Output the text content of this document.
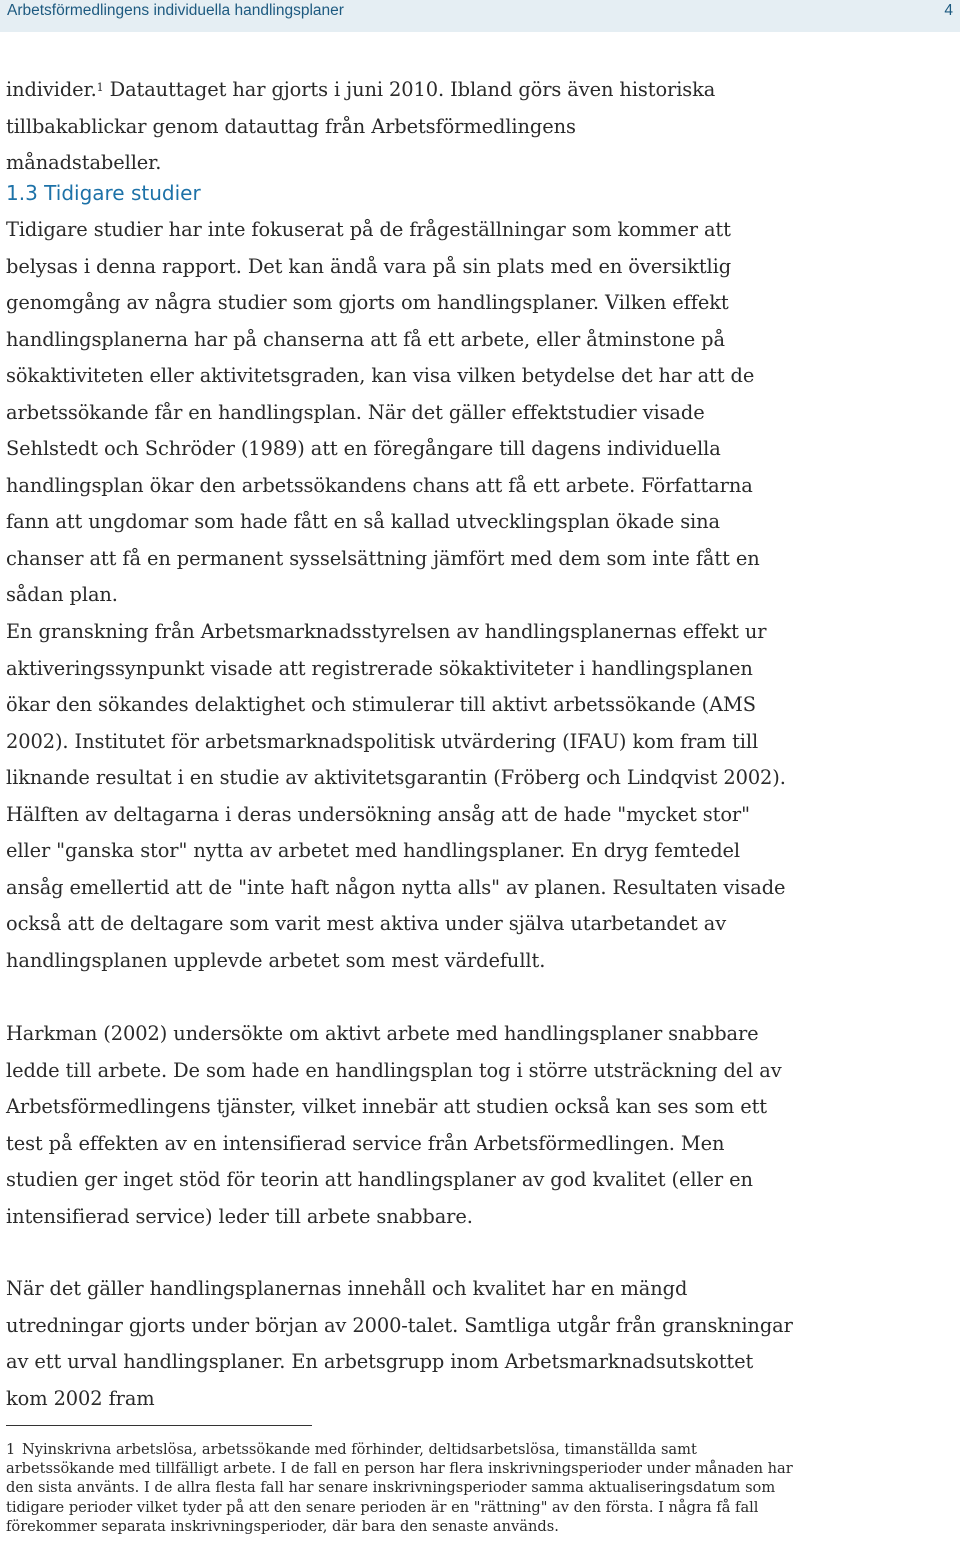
Arbetsförmedlingens individuella handlingsplaner	4

individer.$^1$ Datauttaget har gjorts i juni 2010. Ibland görs även historiska tillbakablickar genom datauttag från Arbetsförmedlingens månadstabeller.

1.3 Tidigare studier

Tidigare studier har inte fokuserat på de frågeställningar som kommer att belysas i denna rapport. Det kan ändå vara på sin plats med en översiktlig genomgång av några studier som gjorts om handlingsplaner. Vilken effekt handlingsplanerna har på chanserna att få ett arbete, eller åtminstone på sökaktiviteten eller aktivitetsgraden, kan visa vilken betydelse det har att de arbetssökande får en handlingsplan. När det gäller effektstudier visade Sehlstedt och Schröder (1989) att en föregångare till dagens individuella handlingsplan ökar den arbetssökandens chans att få ett arbete. Författarna fann att ungdomar som hade fått en så kallad utvecklingsplan ökade sina chanser att få en permanent sysselsättning jämfört med dem som inte fått en sådan plan.

En granskning från Arbetsmarknadsstyrelsen av handlingsplanernas effekt ur aktiveringssynpunkt visade att registrerade sökaktiviteter i handlingsplanen ökar den sökandes delaktighet och stimulerar till aktivt arbetssökande (AMS 2002). Institutet för arbetsmarknadspolitisk utvärdering (IFAU) kom fram till liknande resultat i en studie av aktivitetsgarantin (Fröberg och Lindqvist 2002). Hälften av deltagarna i deras undersökning ansåg att de hade "mycket stor" eller "ganska stor" nytta av arbetet med handlingsplaner. En dryg femtedel ansåg emellertid att de "inte haft någon nytta alls" av planen. Resultaten visade också att de deltagare som varit mest aktiva under själva utarbetandet av handlingsplanen upplevde arbetet som mest värdefullt.

Harkman (2002) undersökte om aktivt arbete med handlingsplaner snabbare ledde till arbete. De som hade en handlingsplan tog i större utsträckning del av Arbetsförmedlingens tjänster, vilket innebär att studien också kan ses som ett test på effekten av en intensifierad service från Arbetsförmedlingen. Men studien ger inget stöd för teorin att handlingsplaner av god kvalitet (eller en intensifierad service) leder till arbete snabbare.

När det gäller handlingsplanernas innehåll och kvalitet har en mängd utredningar gjorts under början av 2000-talet. Samtliga utgår från granskningar av ett urval handlingsplaner. En arbetsgrupp inom Arbetsmarknadsutskottet kom 2002 fram

1 Nyinskrivna arbetslösa, arbetssökande med förhinder, deltidsarbetslösa, timanställda samt arbetssökande med tillfälligt arbete. I de fall en person har flera inskrivningsperioder under månaden har den sista använts. I de allra flesta fall har senare inskrivningsperioder samma aktualiseringsdatum som tidigare perioder vilket tyder på att den senare perioden är en "rättning" av den första. I några få fall förekommer separata inskrivningsperioder, där bara den senaste används.
